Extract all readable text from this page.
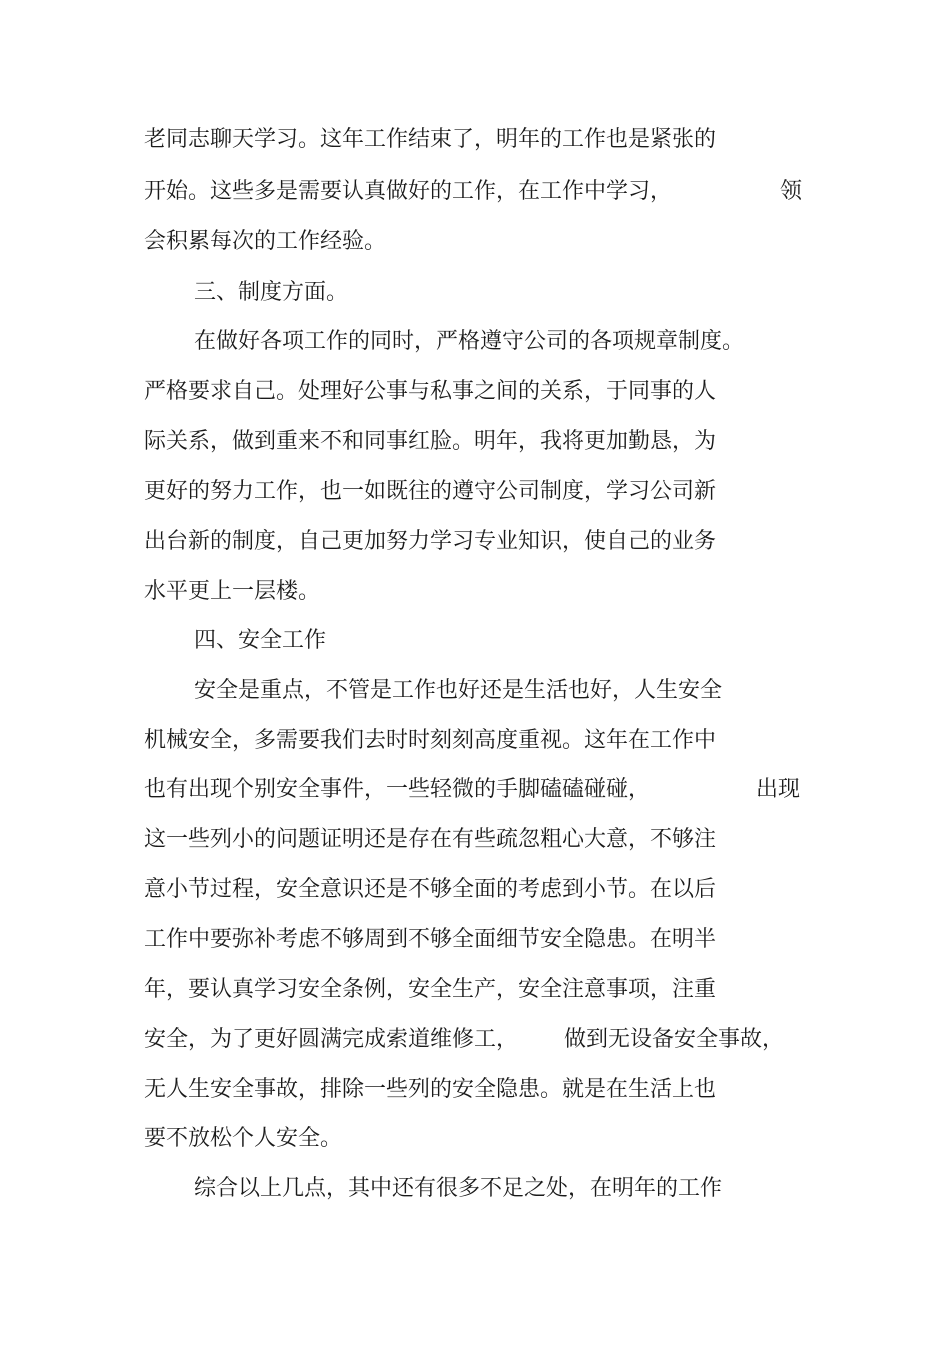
老同志聊天学习。这年工作结束了，明年的工作也是紧张的
开始。这些多是需要认真做好的工作，在工作中学习，	领
会积累每次的工作经验。
三、制度方面。
在做好各项工作的同时，严格遵守公司的各项规章制度。
严格要求自己。处理好公事与私事之间的关系，于同事的人
际关系，做到重来不和同事红脸。明年，我将更加勤恳，为
更好的努力工作，也一如既往的遵守公司制度，学习公司新
出台新的制度，自己更加努力学习专业知识，使自己的业务
水平更上一层楼。
四、安全工作
安全是重点，不管是工作也好还是生活也好，人生安全
机械安全，多需要我们去时时刻刻高度重视。这年在工作中
也有出现个别安全事件，一些轻微的手脚磕磕碰碰，	出现
这一些列小的问题证明还是存在有些疏忽粗心大意，不够注
意小节过程，安全意识还是不够全面的考虑到小节。在以后
工作中要弥补考虑不够周到不够全面细节安全隐患。在明半
年，要认真学习安全条例，安全生产，安全注意事项，注重
安全，为了更好圆满完成索道维修工， 做到无设备安全事故，
无人生安全事故，排除一些列的安全隐患。就是在生活上也
要不放松个人安全。
综合以上几点，其中还有很多不足之处，在明年的工作
